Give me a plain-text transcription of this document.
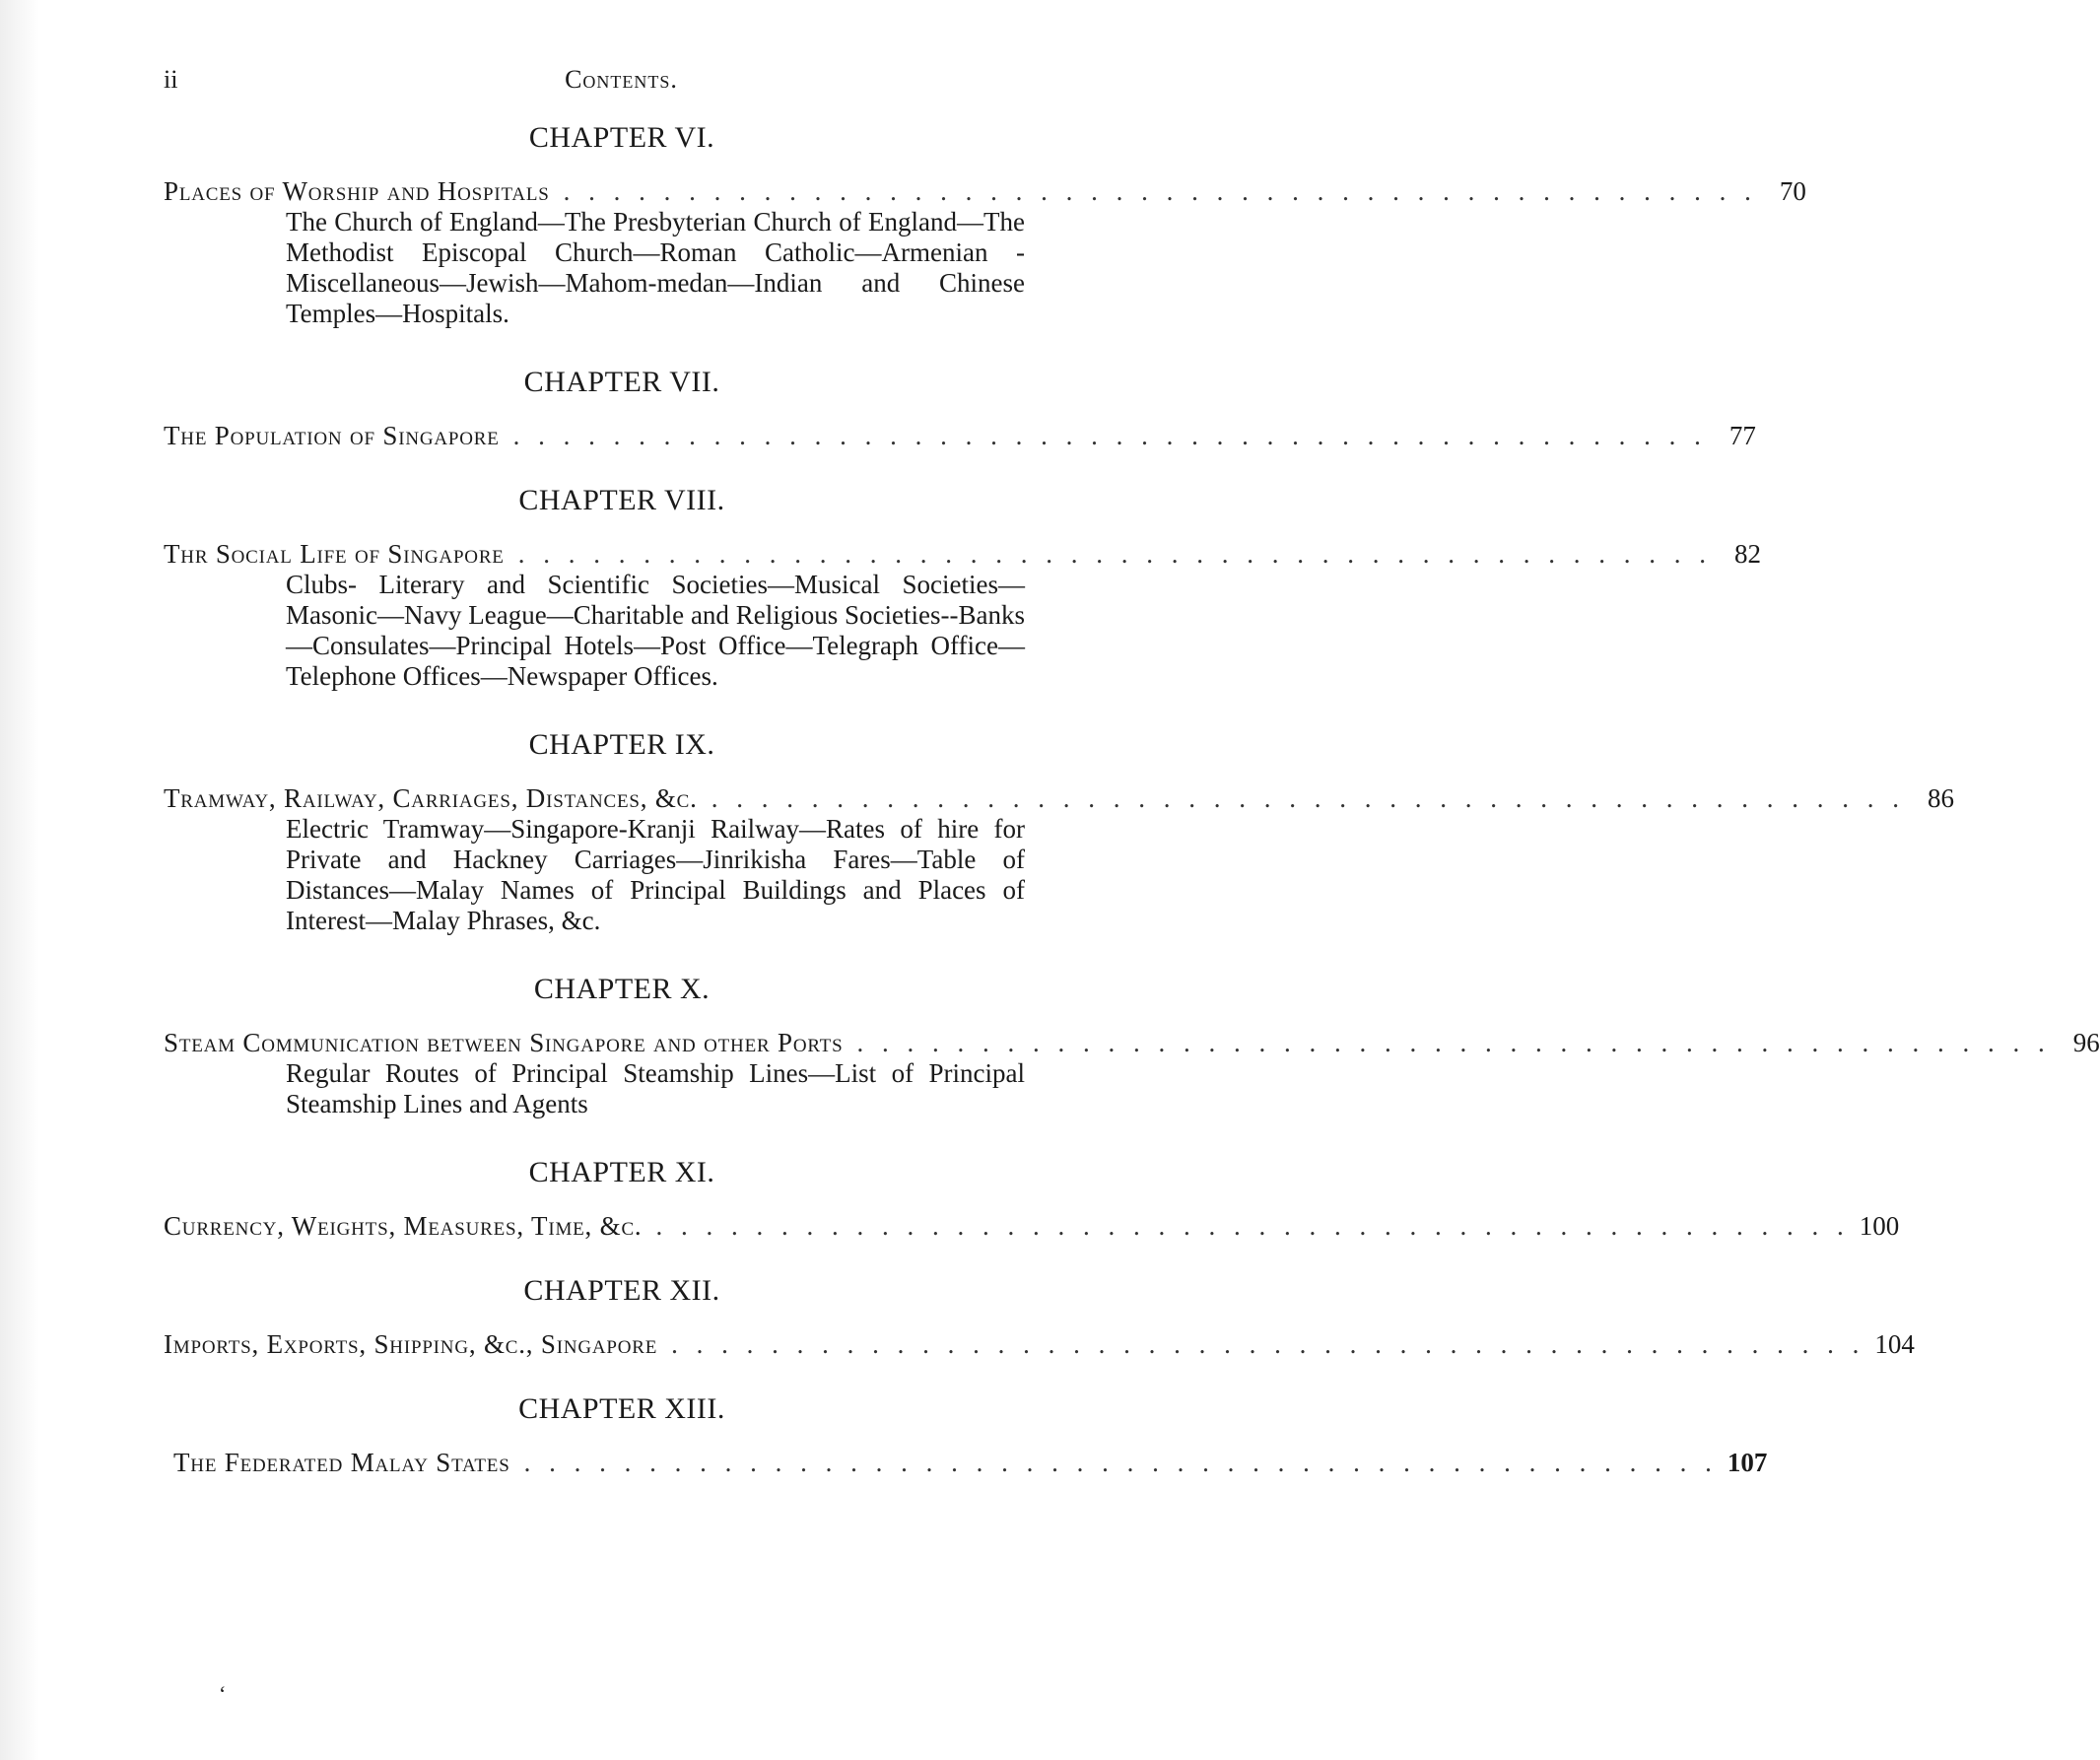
ii	Contents.
CHAPTER VI.
Places of Worship and Hospitals . . . . . . . . . . . . . . . . . . . . . . . . . . . . . . . . . . . . . . . . . . . . . . . . 70
The Church of England—The Presbyterian Church of England—The Methodist Episcopal Church—Roman Catholic—Armenian -Miscellaneous—Jewish—Mahom-medan—Indian and Chinese Temples—Hospitals.
CHAPTER VII.
The Population of Singapore . . . . . . . . . . . . . . . . . . . . . . . . . . . . . . . . . . . . . . . . . . . . . . . . 77
CHAPTER VIII.
Thr Social Life of Singapore . . . . . . . . . . . . . . . . . . . . . . . . . . . . . . . . . . . . . . . . . . . . . . . . 82
Clubs- Literary and Scientific Societies—Musical Societies—Masonic—Navy League—Charitable and Religious Societies--Banks—Consulates—Principal Hotels—Post Office—Telegraph Office—Telephone Offices—Newspaper Offices.
CHAPTER IX.
Tramway, Railway, Carriages, Distances, &c. . . . . . . . . . . . . . . . . . . . . . . . . . . . . . . . . . . . . . . . . . . . . . . . . 86
Electric Tramway—Singapore-Kranji Railway—Rates of hire for Private and Hackney Carriages—Jinrikisha Fares—Table of Distances—Malay Names of Principal Buildings and Places of Interest—Malay Phrases, &c.
CHAPTER X.
Steam Communication between Singapore and other Ports . . . . . . . . . . . . . . . . . . . . . . . . . . . . . . . . . . . . . . . . . . . . . . . . 96
Regular Routes of Principal Steamship Lines—List of Principal Steamship Lines and Agents
CHAPTER XI.
Currency, Weights, Measures, Time, &c. . . . . . . . . . . . . . . . . . . . . . . . . . . . . . . . . . . . . . . . . . . . . . . . . 100
CHAPTER XII.
Imports, Exports, Shipping, &c., Singapore . . . . . . . . . . . . . . . . . . . . . . . . . . . . . . . . . . . . . . . . . . . . . . . . 104
CHAPTER XIII.
The Federated Malay States . . . . . . . . . . . . . . . . . . . . . . . . . . . . . . . . . . . . . . . . . . . . . . . . 107
‘
